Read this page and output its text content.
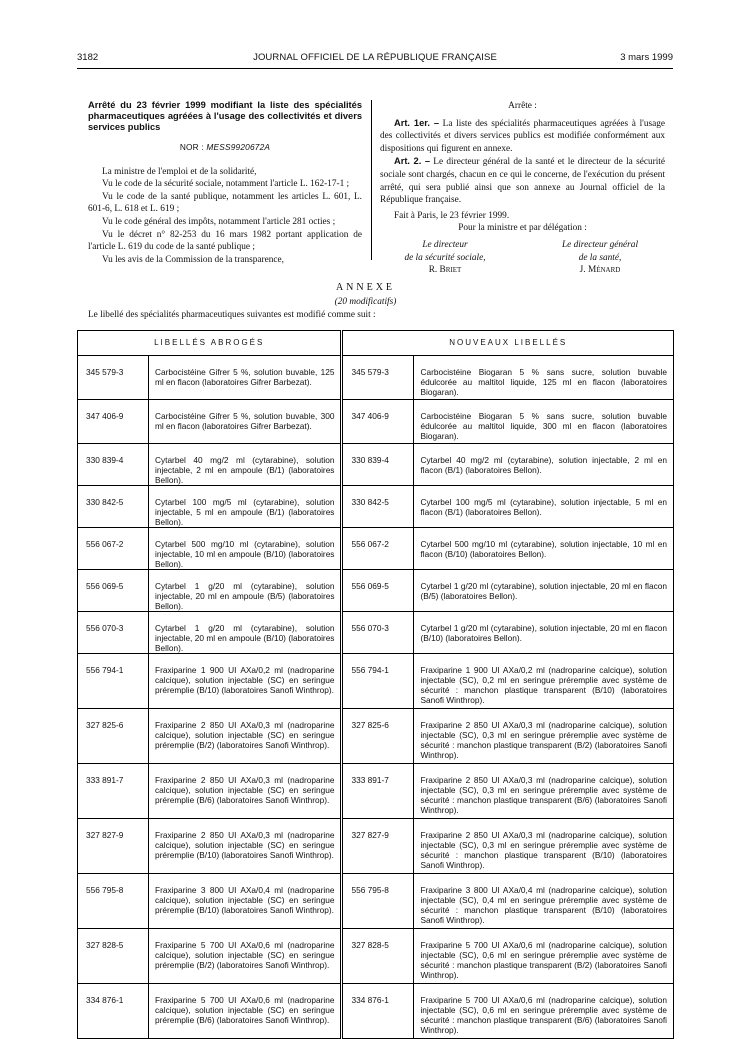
3182	JOURNAL OFFICIEL DE LA RÉPUBLIQUE FRANÇAISE	3 mars 1999
Arrêté du 23 février 1999 modifiant la liste des spécialités pharmaceutiques agréées à l'usage des collectivités et divers services publics
NOR : MESS9920672A

La ministre de l'emploi et de la solidarité,

Vu le code de la sécurité sociale, notamment l'article L. 162-17-1 ;

Vu le code de la santé publique, notamment les articles L. 601, L. 601-6, L. 618 et L. 619 ;

Vu le code général des impôts, notamment l'article 281 octies ;

Vu le décret n° 82-253 du 16 mars 1982 portant application de l'article L. 619 du code de la santé publique ;

Vu les avis de la Commission de la transparence,

Arrête :

Art. 1er. – La liste des spécialités pharmaceutiques agréées à l'usage des collectivités et divers services publics est modifiée conformément aux dispositions qui figurent en annexe.

Art. 2. – Le directeur général de la santé et le directeur de la sécurité sociale sont chargés, chacun en ce qui le concerne, de l'exécution du présent arrêté, qui sera publié ainsi que son annexe au Journal officiel de la République française.

Fait à Paris, le 23 février 1999.

Pour la ministre et par délégation :

Le directeur
de la sécurité sociale,
R. Briet
Le directeur général
de la santé,
J. Ménard
ANNEXE
(20 modificatifs)
Le libellé des spécialités pharmaceutiques suivantes est modifié comme suit :
LIBELLÉS ABROGÉS		NOUVEAUX LIBELLÉS	
345 579-3	Carbocistéine Gifrer 5 %, solution buvable, 125 ml en flacon (laboratoires Gifrer Barbezat).	345 579-3	Carbocistéine Biogaran 5 % sans sucre, solution buvable édulcorée au maltitol liquide, 125 ml en flacon (laboratoires Biogaran).
347 406-9	Carbocistéine Gifrer 5 %, solution buvable, 300 ml en flacon (laboratoires Gifrer Barbezat).	347 406-9	Carbocistéine Biogaran 5 % sans sucre, solution buvable édulcorée au maltitol liquide, 300 ml en flacon (laboratoires Biogaran).
330 839-4	Cytarbel 40 mg/2 ml (cytarabine), solution injectable, 2 ml en ampoule (B/1) (laboratoires Bellon).	330 839-4	Cytarbel 40 mg/2 ml (cytarabine), solution injectable, 2 ml en flacon (B/1) (laboratoires Bellon).
330 842-5	Cytarbel 100 mg/5 ml (cytarabine), solution injectable, 5 ml en ampoule (B/1) (laboratoires Bellon).	330 842-5	Cytarbel 100 mg/5 ml (cytarabine), solution injectable, 5 ml en flacon (B/1) (laboratoires Bellon).
556 067-2	Cytarbel 500 mg/10 ml (cytarabine), solution injectable, 10 ml en ampoule (B/10) (laboratoires Bellon).	556 067-2	Cytarbel 500 mg/10 ml (cytarabine), solution injectable, 10 ml en flacon (B/10) (laboratoires Bellon).
556 069-5	Cytarbel 1 g/20 ml (cytarabine), solution injectable, 20 ml en ampoule (B/5) (laboratoires Bellon).	556 069-5	Cytarbel 1 g/20 ml (cytarabine), solution injectable, 20 ml en flacon (B/5) (laboratoires Bellon).
556 070-3	Cytarbel 1 g/20 ml (cytarabine), solution injectable, 20 ml en ampoule (B/10) (laboratoires Bellon).	556 070-3	Cytarbel 1 g/20 ml (cytarabine), solution injectable, 20 ml en flacon (B/10) (laboratoires Bellon).
556 794-1	Fraxiparine 1 900 UI AXa/0,2 ml (nadroparine calcique), solution injectable (SC) en seringue préremplie (B/10) (laboratoires Sanofi Winthrop).	556 794-1	Fraxiparine 1 900 UI AXa/0,2 ml (nadroparine calcique), solution injectable (SC), 0,2 ml en seringue préremplie avec système de sécurité : manchon plastique transparent (B/10) (laboratoires Sanofi Winthrop).
327 825-6	Fraxiparine 2 850 UI AXa/0,3 ml (nadroparine calcique), solution injectable (SC) en seringue préremplie (B/2) (laboratoires Sanofi Winthrop).	327 825-6	Fraxiparine 2 850 UI AXa/0,3 ml (nadroparine calcique), solution injectable (SC), 0,3 ml en seringue préremplie avec système de sécurité : manchon plastique transparent (B/2) (laboratoires Sanofi Winthrop).
333 891-7	Fraxiparine 2 850 UI AXa/0,3 ml (nadroparine calcique), solution injectable (SC) en seringue préremplie (B/6) (laboratoires Sanofi Winthrop).	333 891-7	Fraxiparine 2 850 UI AXa/0,3 ml (nadroparine calcique), solution injectable (SC), 0,3 ml en seringue préremplie avec système de sécurité : manchon plastique transparent (B/6) (laboratoires Sanofi Winthrop).
327 827-9	Fraxiparine 2 850 UI AXa/0,3 ml (nadroparine calcique), solution injectable (SC) en seringue préremplie (B/10) (laboratoires Sanofi Winthrop).	327 827-9	Fraxiparine 2 850 UI AXa/0,3 ml (nadroparine calcique), solution injectable (SC), 0,3 ml en seringue préremplie avec système de sécurité : manchon plastique transparent (B/10) (laboratoires Sanofi Winthrop).
556 795-8	Fraxiparine 3 800 UI AXa/0,4 ml (nadroparine calcique), solution injectable (SC) en seringue préremplie (B/10) (laboratoires Sanofi Winthrop).	556 795-8	Fraxiparine 3 800 UI AXa/0,4 ml (nadroparine calcique), solution injectable (SC), 0,4 ml en seringue préremplie avec système de sécurité : manchon plastique transparent (B/10) (laboratoires Sanofi Winthrop).
327 828-5	Fraxiparine 5 700 UI AXa/0,6 ml (nadroparine calcique), solution injectable (SC) en seringue préremplie (B/2) (laboratoires Sanofi Winthrop).	327 828-5	Fraxiparine 5 700 UI AXa/0,6 ml (nadroparine calcique), solution injectable (SC), 0,6 ml en seringue préremplie avec système de sécurité : manchon plastique transparent (B/2) (laboratoires Sanofi Winthrop).
334 876-1	Fraxiparine 5 700 UI AXa/0,6 ml (nadroparine calcique), solution injectable (SC) en seringue préremplie (B/6) (laboratoires Sanofi Winthrop).	334 876-1	Fraxiparine 5 700 UI AXa/0,6 ml (nadroparine calcique), solution injectable (SC), 0,6 ml en seringue préremplie avec système de sécurité : manchon plastique transparent (B/6) (laboratoires Sanofi Winthrop).
